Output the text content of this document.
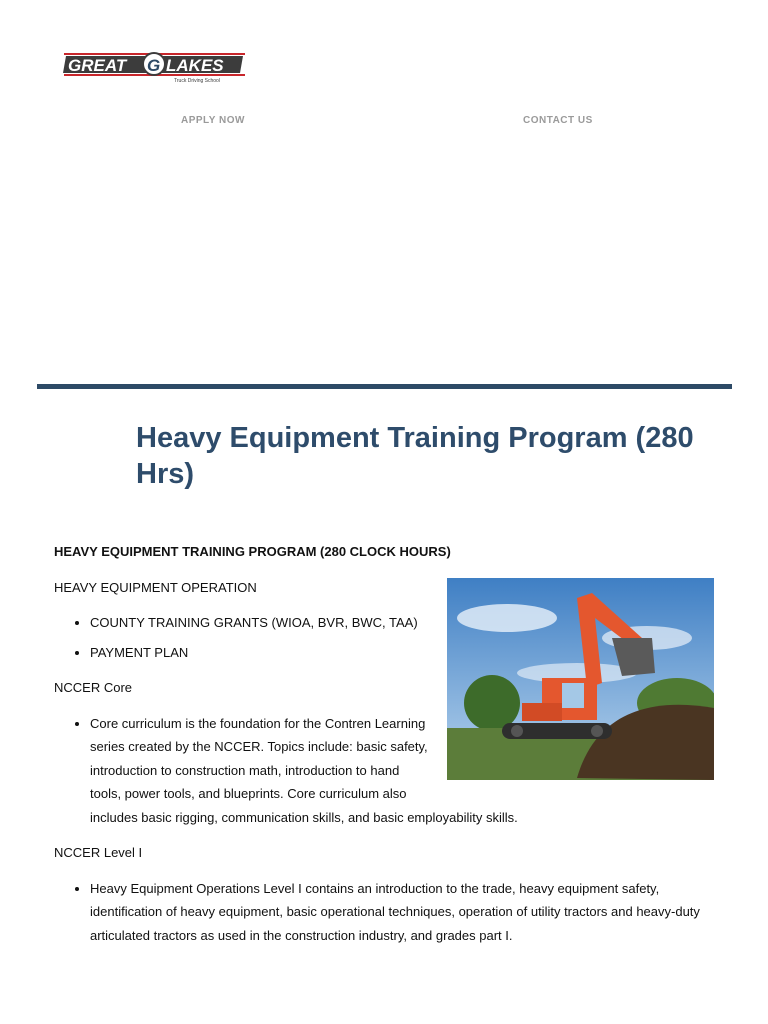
GREAT G LAKES
Truck Driving School
APPLY NOW	CONTACT US
Heavy Equipment Training Program (280 Hrs)

HEAVY EQUIPMENT TRAINING PROGRAM (280 CLOCK HOURS)

HEAVY EQUIPMENT OPERATION

• COUNTY TRAINING GRANTS (WIOA, BVR, BWC, TAA)
• PAYMENT PLAN

NCCER Core

• Core curriculum is the foundation for the Contren Learning series created by the NCCER. Topics include: basic safety, introduction to construction math, introduction to hand tools, power tools, and blueprints. Core curriculum also includes basic rigging, communication skills, and basic employability skills.

NCCER Level I

• Heavy Equipment Operations Level I contains an introduction to the trade, heavy equipment safety, identification of heavy equipment, basic operational techniques, operation of utility tractors and heavy-duty articulated tractors as used in the construction industry, and grades part I.
